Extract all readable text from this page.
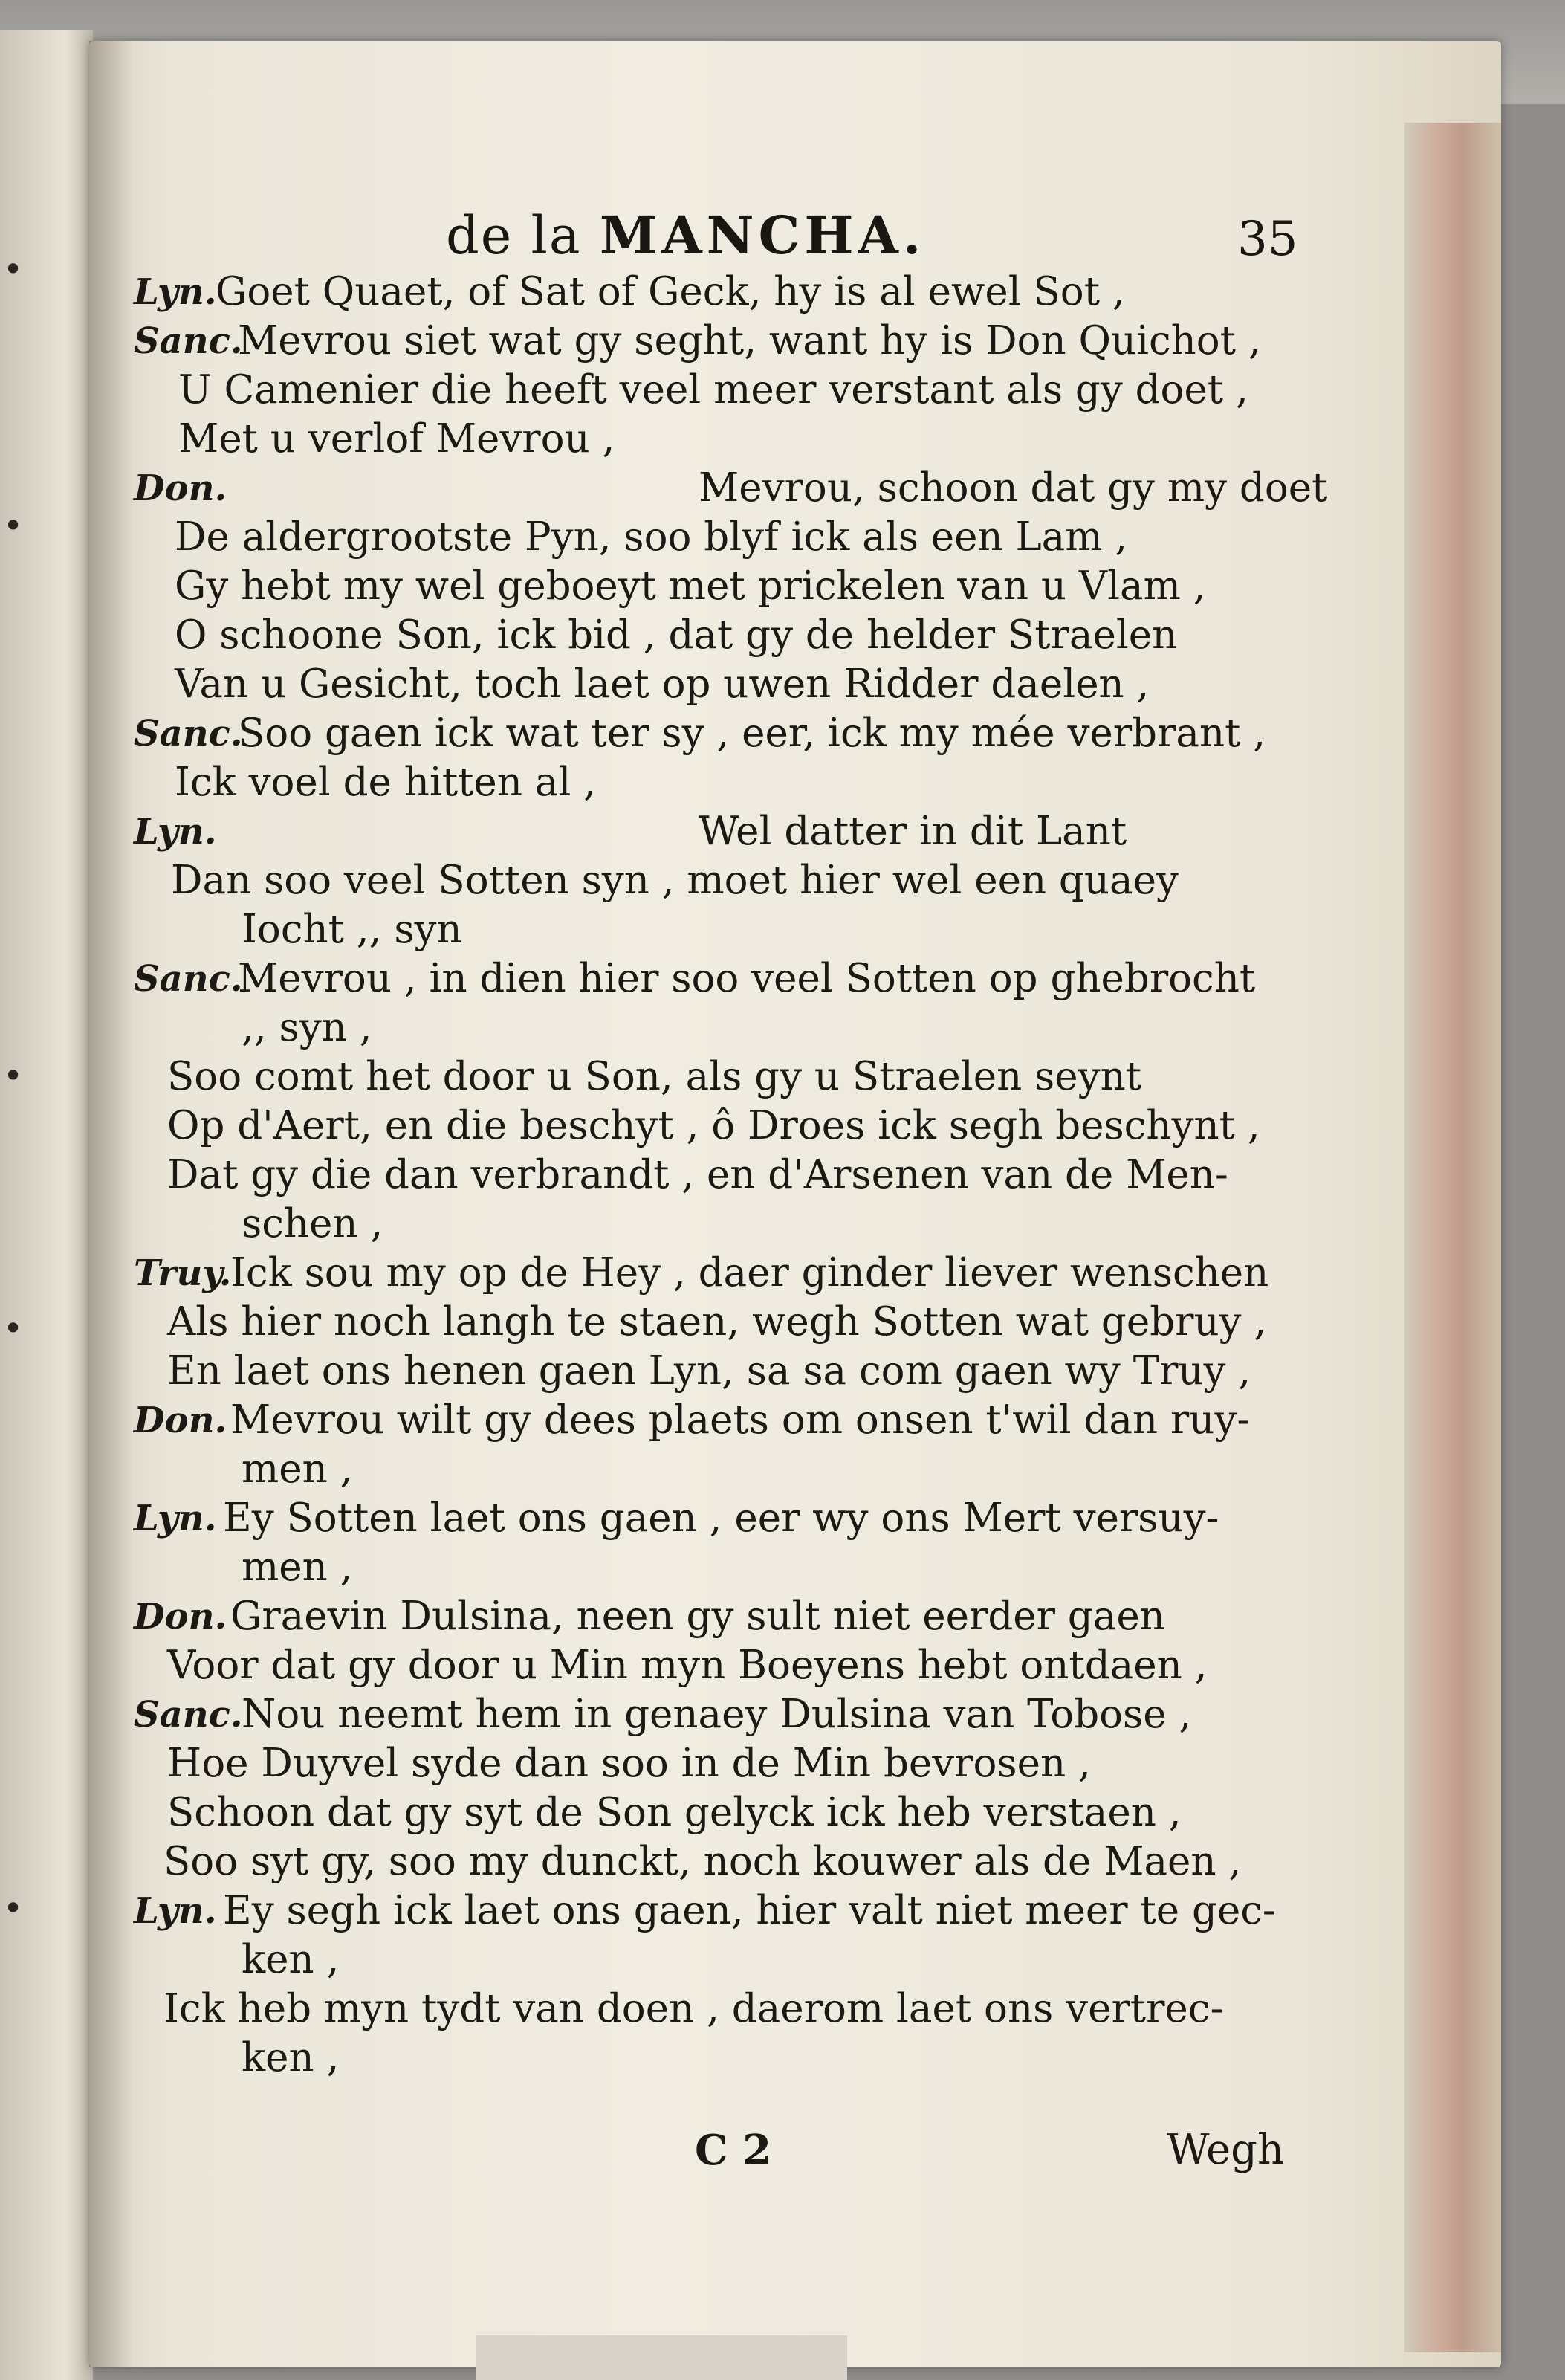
•
•
•
•
•
de la MANCHA.	35
Lyn.
Goet Quaet, of Sat of Geck, hy is al ewel Sot ,
Sanc.
Mevrou siet wat gy seght, want hy is Don Quichot ,
U Camenier die heeft veel meer verstant als gy doet ,
Met u verlof Mevrou ,
Don.	Mevrou, schoon dat gy my doet
De aldergrootste Pyn, soo blyf ick als een Lam ,
Gy hebt my wel geboeyt met prickelen van u Vlam ,
O schoone Son, ick bid , dat gy de helder Straelen
Van u Gesicht, toch laet op uwen Ridder daelen ,
Sanc.
Soo gaen ick wat ter sy , eer, ick my mée verbrant ,
Ick voel de hitten al ,
Lyn.	Wel datter in dit Lant
Dan soo veel Sotten syn , moet hier wel een quaey
Iocht ,, syn
Sanc.
Mevrou , in dien hier soo veel Sotten op ghebrocht
,, syn ,
Soo comt het door u Son, als gy u Straelen seynt
Op d'Aert, en die beschyt , ô Droes ick segh beschynt ,
Dat gy die dan verbrandt , en d'Arsenen van de Men-
schen ,
Truy.
Ick sou my op de Hey , daer ginder liever wenschen
Als hier noch langh te staen, wegh Sotten wat gebruy ,
En laet ons henen gaen Lyn, sa sa com gaen wy Truy ,
Don. Mevrou wilt gy dees plaets om onsen t'wil dan ruy-
men ,
Lyn. Ey Sotten laet ons gaen , eer wy ons Mert versuy-
men ,
Don. Graevin Dulsina, neen gy sult niet eerder gaen
Voor dat gy door u Min myn Boeyens hebt ontdaen ,
Sanc.
Nou neemt hem in genaey Dulsina van Tobose ,
Hoe Duyvel syde dan soo in de Min bevrosen ,
Schoon dat gy syt de Son gelyck ick heb verstaen ,
Soo syt gy, soo my dunckt, noch kouwer als de Maen ,
Lyn. Ey segh ick laet ons gaen, hier valt niet meer te gec-
ken ,
Ick heb myn tydt van doen , daerom laet ons vertrec-
ken ,
C 2	Wegh
